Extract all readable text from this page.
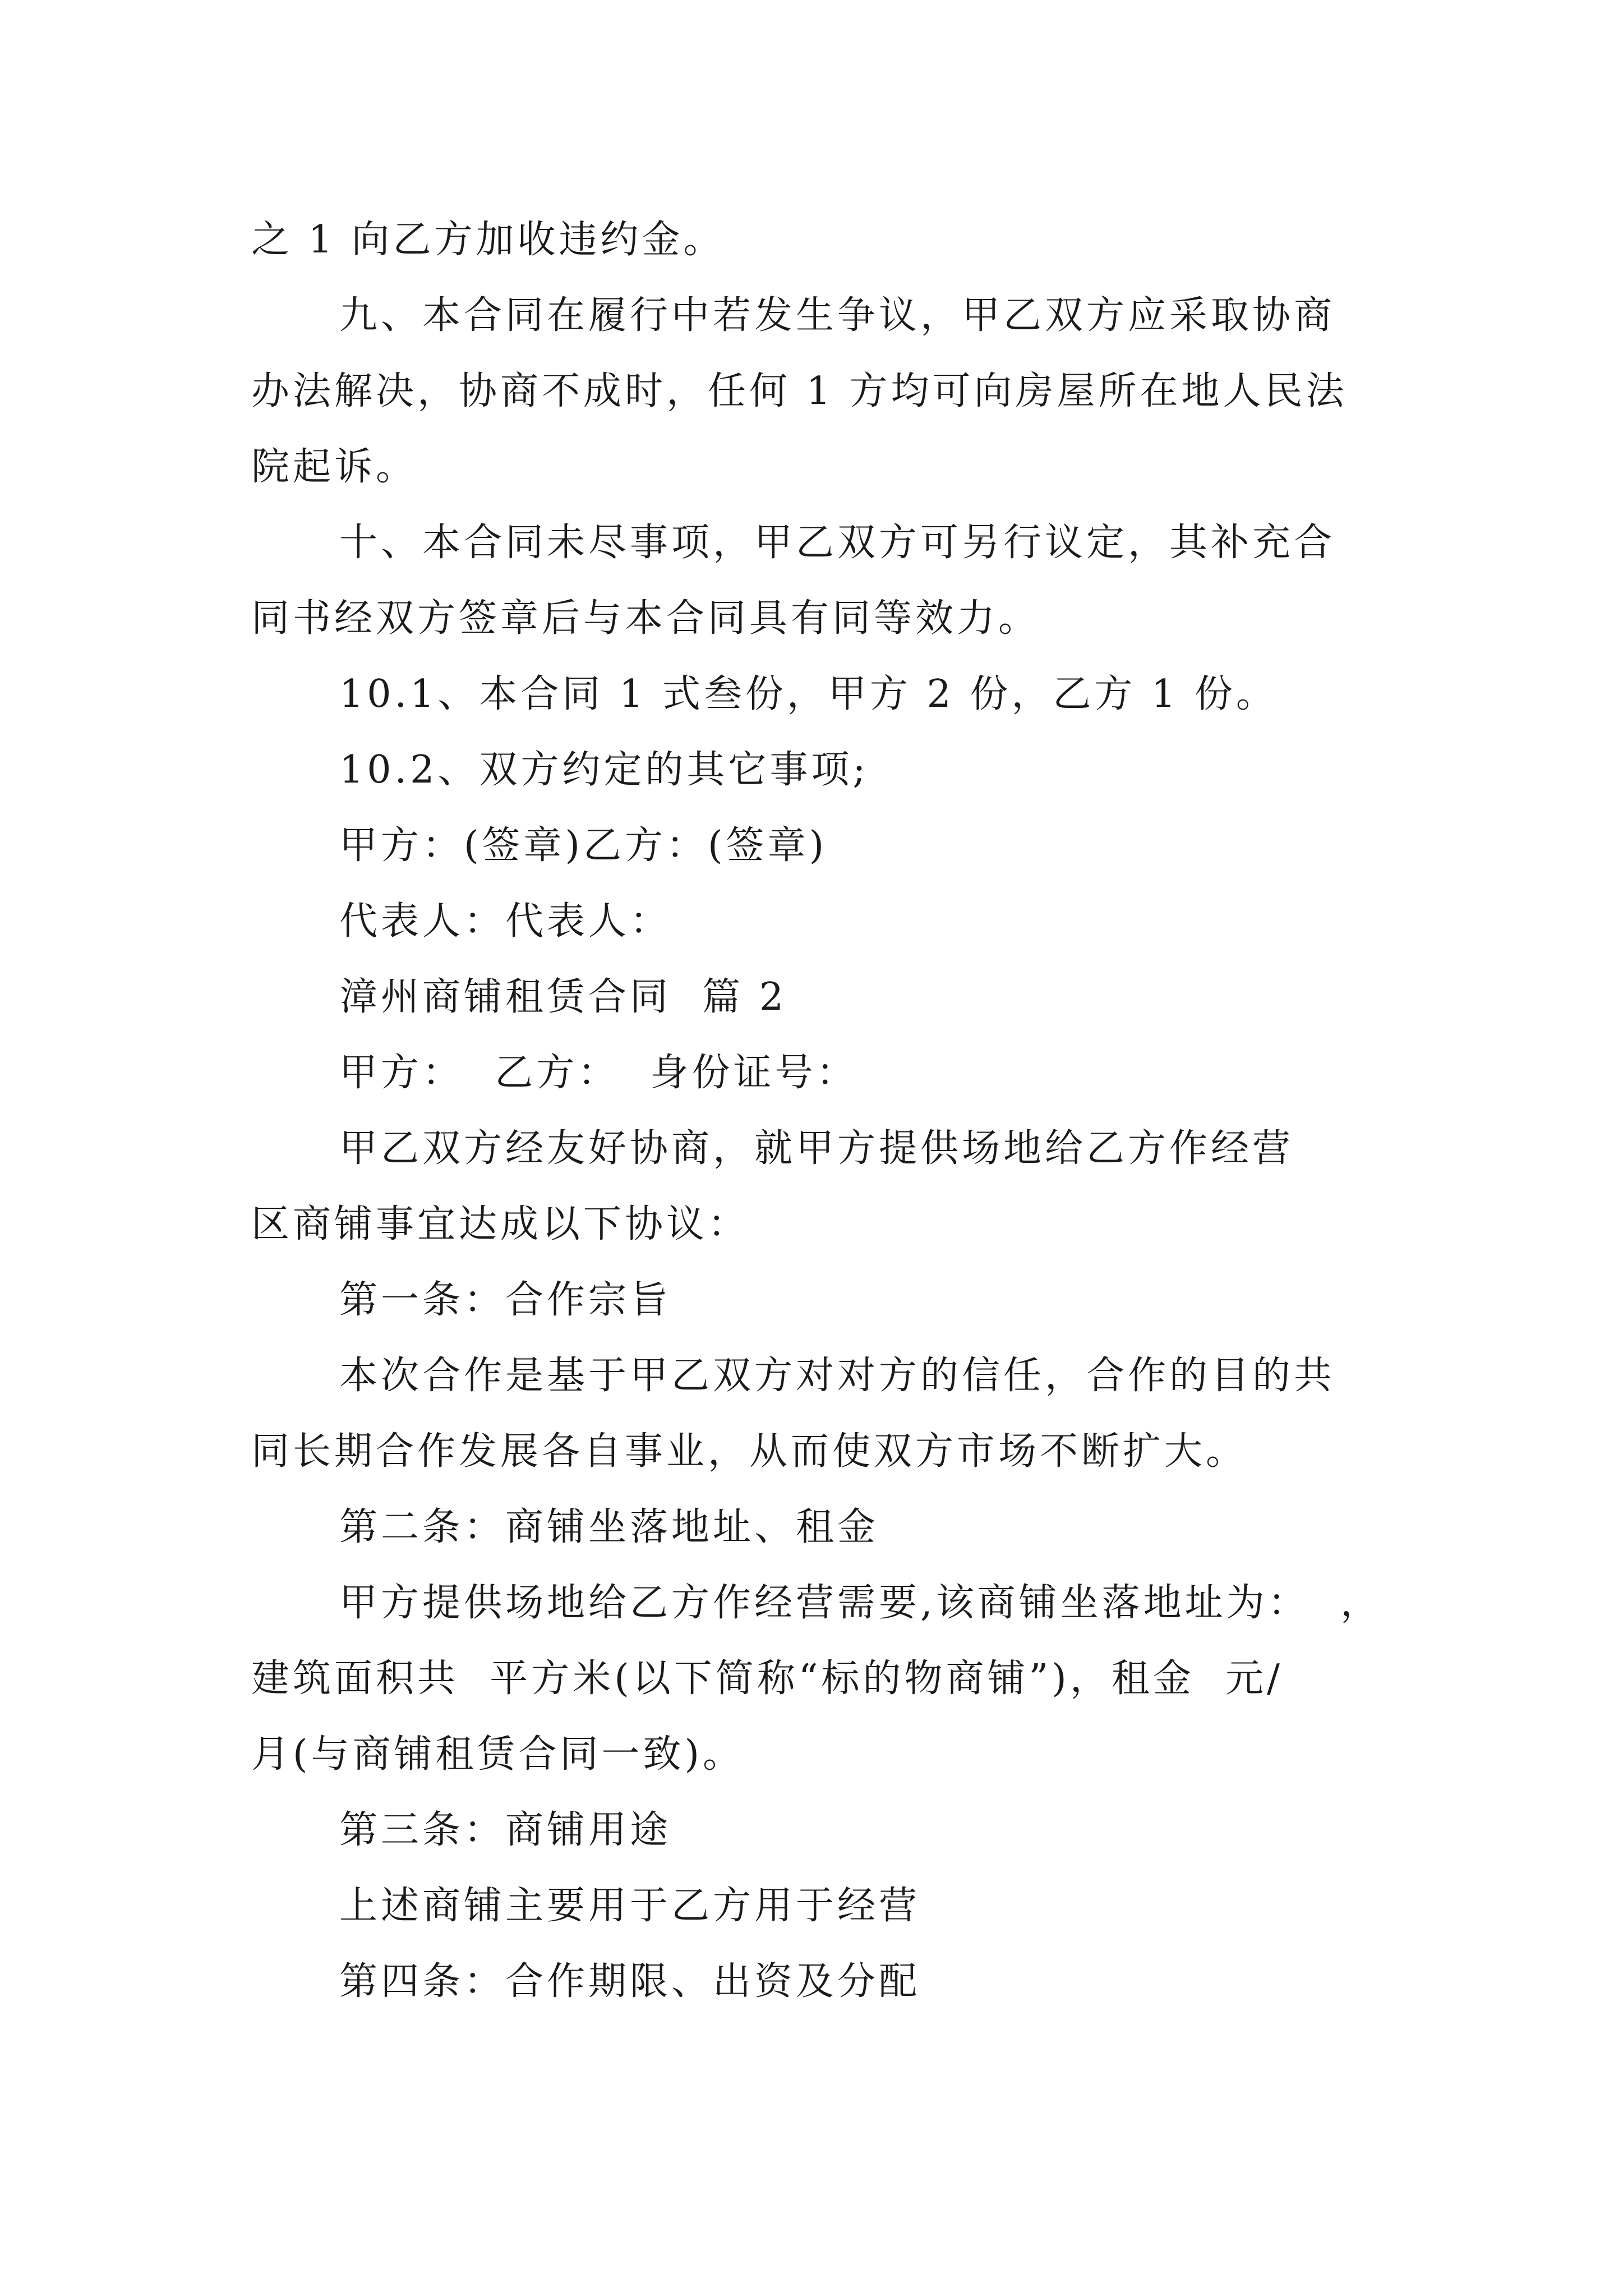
之 1 向乙方加收违约金。
九、本合同在履行中若发生争议，甲乙双方应采取协商
办法解决，协商不成时，任何 1 方均可向房屋所在地人民法
院起诉。
十、本合同未尽事项，甲乙双方可另行议定，其补充合
同书经双方签章后与本合同具有同等效力。
10.1、本合同 1 式叁份，甲方 2 份，乙方 1 份。
10.2、双方约定的其它事项;
甲方：(签章)乙方：(签章)
代表人：代表人：
漳州商铺租赁合同  篇 2
甲方：  乙方：  身份证号：
甲乙双方经友好协商，就甲方提供场地给乙方作经营
区商铺事宜达成以下协议：
第一条：合作宗旨
本次合作是基于甲乙双方对对方的信任，合作的目的共
同长期合作发展各自事业，从而使双方市场不断扩大。
第二条：商铺坐落地址、租金
甲方提供场地给乙方作经营需要,该商铺坐落地址为：  ，
建筑面积共  平方米(以下简称“标的物商铺”)，租金  元/
月(与商铺租赁合同一致)。
第三条：商铺用途
上述商铺主要用于乙方用于经营
第四条：合作期限、出资及分配
